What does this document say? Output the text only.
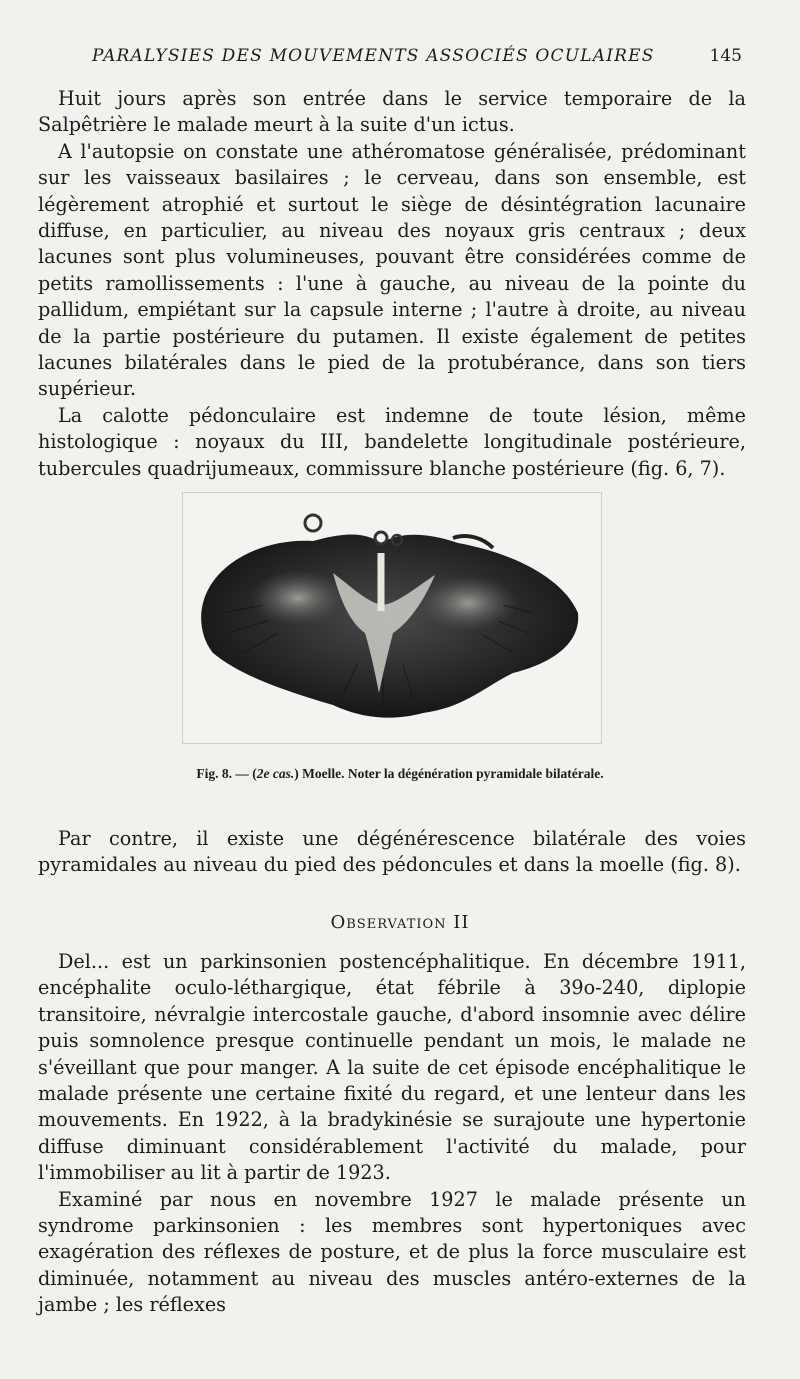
PARALYSIES DES MOUVEMENTS ASSOCIÉS OCULAIRES	145

Huit jours après son entrée dans le service temporaire de la Salpêtrière le malade meurt à la suite d'un ictus.

A l'autopsie on constate une athéromatose généralisée, prédominant sur les vaisseaux basilaires ; le cerveau, dans son ensemble, est légèrement atrophié et surtout le siège de désintégration lacunaire diffuse, en particulier, au niveau des noyaux gris centraux ; deux lacunes sont plus volumineuses, pouvant être considérées comme de petits ramollissements : l'une à gauche, au niveau de la pointe du pallidum, empiétant sur la capsule interne ; l'autre à droite, au niveau de la partie postérieure du putamen. Il existe également de petites lacunes bilatérales dans le pied de la protubérance, dans son tiers supérieur.

La calotte pédonculaire est indemne de toute lésion, même histologique : noyaux du III, bandelette longitudinale postérieure, tubercules quadrijumeaux, commissure blanche postérieure (fig. 6, 7).

Fig. 8. — (2e cas.) Moelle. Noter la dégénération pyramidale bilatérale.

Par contre, il existe une dégénérescence bilatérale des voies pyramidales au niveau du pied des pédoncules et dans la moelle (fig. 8).

Observation II

Del... est un parkinsonien postencéphalitique. En décembre 1911, encéphalite oculo-léthargique, état fébrile à 39o-240, diplopie transitoire, névralgie intercostale gauche, d'abord insomnie avec délire puis somnolence presque continuelle pendant un mois, le malade ne s'éveillant que pour manger. A la suite de cet épisode encéphalitique le malade présente une certaine fixité du regard, et une lenteur dans les mouvements. En 1922, à la bradykinésie se surajoute une hypertonie diffuse diminuant considérablement l'activité du malade, pour l'immobiliser au lit à partir de 1923.

Examiné par nous en novembre 1927 le malade présente un syndrome parkinsonien : les membres sont hypertoniques avec exagération des réflexes de posture, et de plus la force musculaire est diminuée, notamment au niveau des muscles antéro-externes de la jambe ; les réflexes
